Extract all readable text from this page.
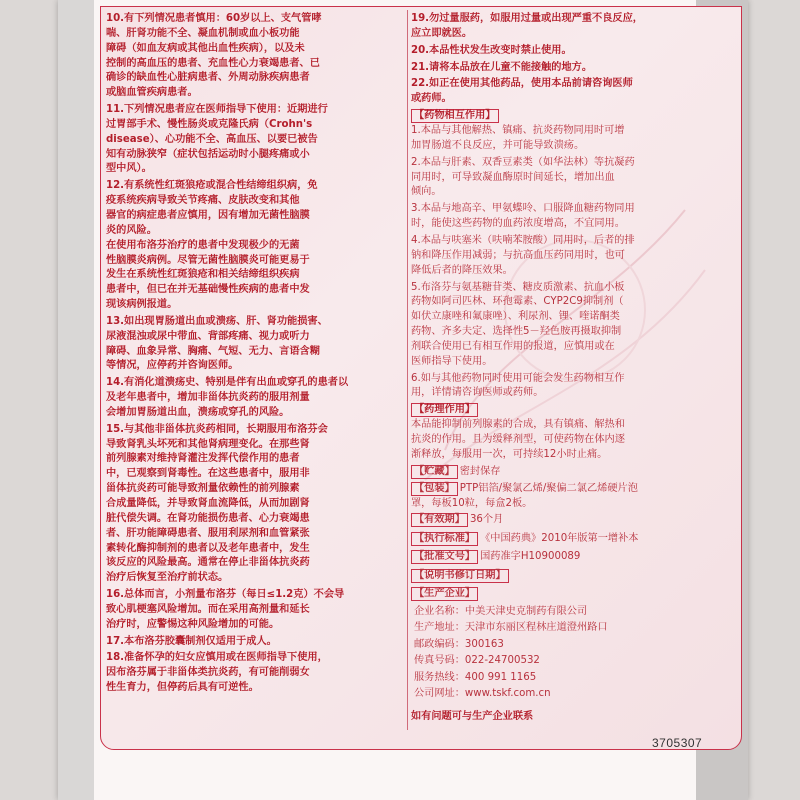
10.有下列情况患者慎用：60岁以上、支气管哮
喘、肝肾功能不全、凝血机制或血小板功能
障碍（如血友病或其他出血性疾病），以及未
控制的高血压的患者、充血性心力衰竭患者、已
确诊的缺血性心脏病患者、外周动脉疾病患者
或脑血管疾病患者。

11.下列情况患者应在医师指导下使用：近期进行
过胃部手术、慢性肠炎或克隆氏病（Crohn's
disease）、心功能不全、高血压、以要已被告
知有动脉狭窄（症状包括运动时小腿疼痛或小
型中风）。

12.有系统性红斑狼疮或混合性结缔组织病，免
疫系统疾病导致关节疼痛、皮肤改变和其他
器官的病症患者应慎用，因有增加无菌性脑膜
炎的风险。
在使用布洛芬治疗的患者中发现极少的无菌
性脑膜炎病例。尽管无菌性脑膜炎可能更易于
发生在系统性红斑狼疮和相关结缔组织疾病
患者中，但已在并无基础慢性疾病的患者中发
现该病例报道。

13.如出现胃肠道出血或溃疡、肝、肾功能损害、
尿液混浊或尿中带血、背部疼痛、视力或听力
障碍、血象异常、胸痛、气短、无力、言语含糊
等情况，应停药并咨询医师。

14.有消化道溃疡史、特别是伴有出血或穿孔的患者以
及老年患者中，增加非甾体抗炎药的服用剂量
会增加胃肠道出血，溃疡或穿孔的风险。

15.与其他非甾体抗炎药相同，长期服用布洛芬会
导致肾乳头坏死和其他肾病理变化。在那些肾
前列腺素对维持肾灌注发挥代偿作用的患者
中，已观察到肾毒性。在这些患者中，服用非
甾体抗炎药可能导致剂量依赖性的前列腺素
合成量降低，并导致肾血流降低，从而加剧肾
脏代偿失调。在肾功能损伤患者、心力衰竭患
者、肝功能障碍患者、服用利尿剂和血管紧张
素转化酶抑制剂的患者以及老年患者中，发生
该反应的风险最高。通常在停止非甾体抗炎药
治疗后恢复至治疗前状态。

16.总体而言，小剂量布洛芬（每日≤1.2克）不会导
致心肌梗塞风险增加。而在采用高剂量和延长
治疗时，应警惕这种风险增加的可能。

17.本布洛芬胶囊制剂仅适用于成人。

18.准备怀孕的妇女应慎用或在医师指导下使用，
因布洛芬属于非甾体类抗炎药，有可能削弱女
性生育力，但停药后具有可逆性。

19.勿过量服药，如服用过量或出现严重不良反应，
应立即就医。

20.本品性状发生改变时禁止使用。

21.请将本品放在儿童不能接触的地方。

22.如正在使用其他药品，使用本品前请咨询医师
或药师。

【药物相互作用】

1.本品与其他解热、镇痛、抗炎药物同用时可增
加胃肠道不良反应，并可能导致溃疡。

2.本品与肝素、双香豆素类（如华法林）等抗凝药
同用时，可导致凝血酶原时间延长，增加出血
倾向。

3.本品与地高辛、甲氨蝶呤、口服降血糖药物同用
时，能使这些药物的血药浓度增高，不宜同用。

4.本品与呋塞米（呋喃苯胺酸）同用时，后者的排
钠和降压作用减弱；与抗高血压药同用时，也可
降低后者的降压效果。

5.布洛芬与氨基糖苷类、糖皮质激素、抗血小板
药物如阿司匹林、环孢霉素、CYP2C9抑制剂（
如伏立康唑和氟康唑）、利尿剂、锂、喹诺酮类
药物、齐多夫定、选择性5－羟色胺再摄取抑制
剂联合使用已有相互作用的报道，应慎用或在
医师指导下使用。

6.如与其他药物同时使用可能会发生药物相互作
用，详情请咨询医师或药师。

【药理作用】

本品能抑制前列腺素的合成，具有镇痛、解热和
抗炎的作用。且为缓释剂型，可使药物在体内逐
渐释放，每服用一次，可持续12小时止痛。

【贮藏】 密封保存

【包装】 PTP铝箔/聚氯乙烯/聚偏二氯乙烯硬片泡

罩，每板10粒，每盒2板。

【有效期】 36个月

【执行标准】 《中国药典》2010年版第一增补本

【批准文号】 国药准字H10900089

【说明书修订日期】

【生产企业】

企业名称：中美天津史克制药有限公司

生产地址：天津市东丽区程林庄道澄州路口

邮政编码：300163

传真号码：022-24700532

服务热线：400 991 1165

公司网址：www.tskf.com.cn

如有问题可与生产企业联系

3705307
